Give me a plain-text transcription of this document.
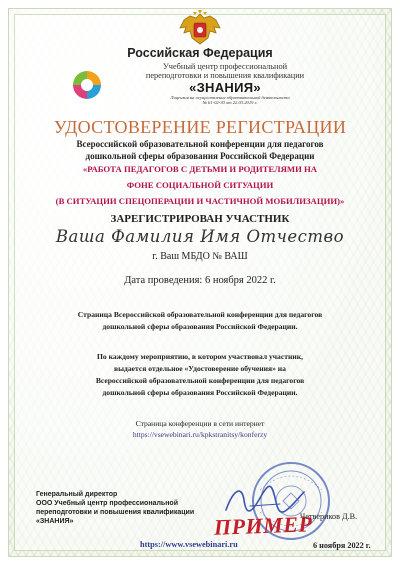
Российская Федерация
Учебный центр профессиональной
переподготовки и повышения квалификации
«ЗНАНИЯ»
Лицензия на осуществление образовательной деятельности
№ 61-02-30 от 22.03.2019 г.
УДОСТОВЕРЕНИЕ РЕГИСТРАЦИИ
Всероссийской образовательной конференции для педагогов
дошкольной сферы образования Российской Федерации
«РАБОТА ПЕДАГОГОВ С ДЕТЬМИ И РОДИТЕЛЯМИ НА
ФОНЕ СОЦИАЛЬНОЙ СИТУАЦИИ
(В СИТУАЦИИ СПЕЦОПЕРАЦИИ И ЧАСТИЧНОЙ МОБИЛИЗАЦИИ)»
ЗАРЕГИСТРИРОВАН УЧАСТНИК
Ваша Фамилия Имя Отчество
г. Ваш МБДО № ВАШ
Дата проведения: 6 ноября 2022 г.
Страница Всероссийской образовательной конференции для педагогов
дошкольной сферы образования Российской Федерации.
По каждому мероприятию, в котором участвовал участник,
выдается отдельное «Удостоверение обучения» на
Всероссийской образовательной конференции для педагогов
дошкольной сферы образования Российской Федерации.
Страница конференции в сети интернет
https://vsewebinari.ru/kpkstranitsy/konferzy
Генеральный директор
ООО Учебный центр профессиональной
переподготовки и повышения квалификации
«ЗНАНИЯ»	ПРИМЕР
Четвериков Д.В.
https://www.vsewebinari.ru	6 ноября 2022 г.
